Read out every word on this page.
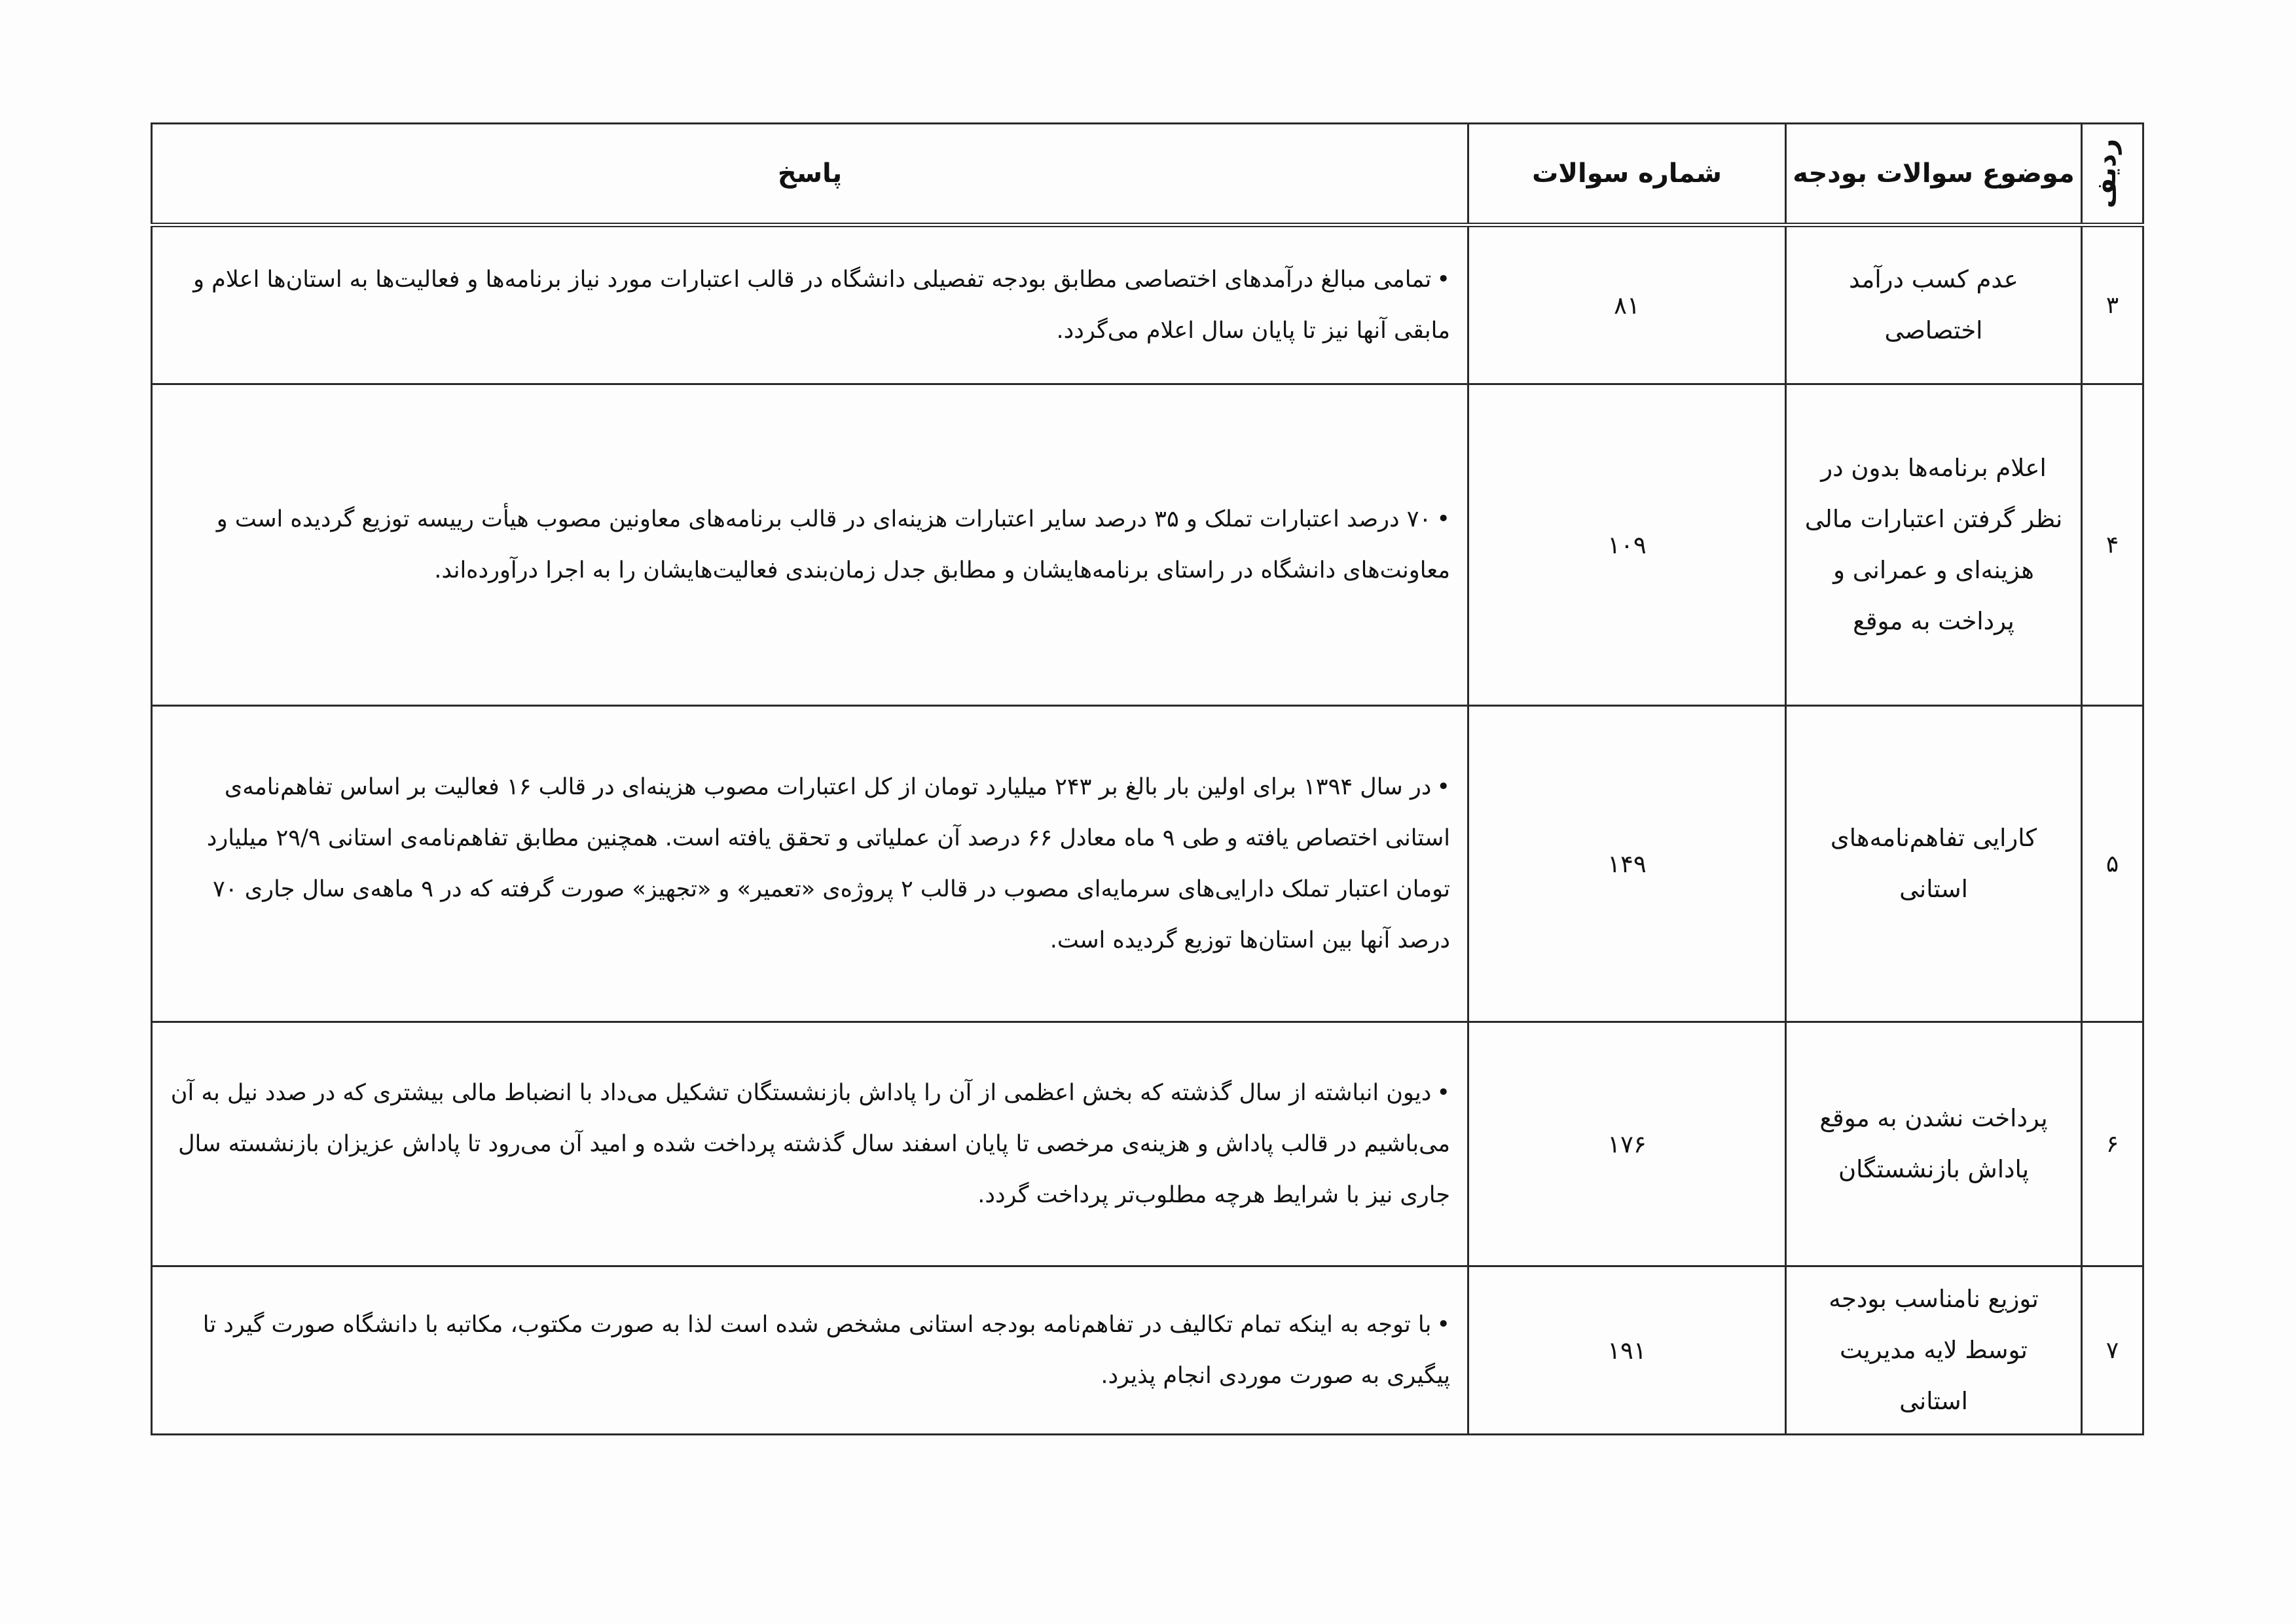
ردیف	موضوع سوالات بودجه	شماره سوالات	پاسخ
۳	عدم کسب درآمد اختصاصی	۸۱	•تمامی مبالغ درآمدهای اختصاصی مطابق بودجه تفصیلی دانشگاه در قالب اعتبارات مورد نیاز برنامه‌ها و فعالیت‌ها به استان‌ها اعلام و مابقی آنها نیز تا پایان سال اعلام می‌گردد.
۴	اعلام برنامه‌ها بدون در نظر گرفتن اعتبارات مالی هزینه‌ای و عمرانی و پرداخت به موقع	۱۰۹	•۷۰ درصد اعتبارات تملک و ۳۵ درصد سایر اعتبارات هزینه‌ای در قالب برنامه‌های معاونین مصوب هیأت رییسه توزیع گردیده است و معاونت‌های دانشگاه در راستای برنامه‌هایشان و مطابق جدل زمان‌بندی فعالیت‌هایشان را به اجرا درآورده‌اند.
۵	کارایی تفاهم‌نامه‌های استانی	۱۴۹	•در سال ۱۳۹۴ برای اولین بار بالغ بر ۲۴۳ میلیارد تومان از کل اعتبارات مصوب هزینه‌ای در قالب ۱۶ فعالیت بر اساس تفاهم‌نامه‌ی استانی اختصاص یافته و طی ۹ ماه معادل ۶۶ درصد آن عملیاتی و تحقق یافته است. همچنین مطابق تفاهم‌نامه‌ی استانی ۲۹/۹ میلیارد تومان اعتبار تملک دارایی‌های سرمایه‌ای مصوب در قالب ۲ پروژه‌ی «تعمیر» و «تجهیز» صورت گرفته که در ۹ ماهه‌ی سال جاری ۷۰ درصد آنها بین استان‌ها توزیع گردیده است.
۶	پرداخت نشدن به موقع پاداش بازنشستگان	۱۷۶	•دیون انباشته از سال گذشته که بخش اعظمی از آن را پاداش بازنشستگان تشکیل می‌داد با انضباط مالی بیشتری که در صدد نیل به آن می‌باشیم در قالب پاداش و هزینه‌ی مرخصی تا پایان اسفند سال گذشته پرداخت شده و امید آن می‌رود تا پاداش عزیزان بازنشسته سال جاری نیز با شرایط هرچه مطلوب‌تر پرداخت گردد.
۷	توزیع نامناسب بودجه توسط لایه مدیریت استانی	۱۹۱	•با توجه به اینکه تمام تکالیف در تفاهم‌نامه بودجه استانی مشخص شده است لذا به صورت مکتوب، مکاتبه با دانشگاه صورت گیرد تا پیگیری به صورت موردی انجام پذیرد.
